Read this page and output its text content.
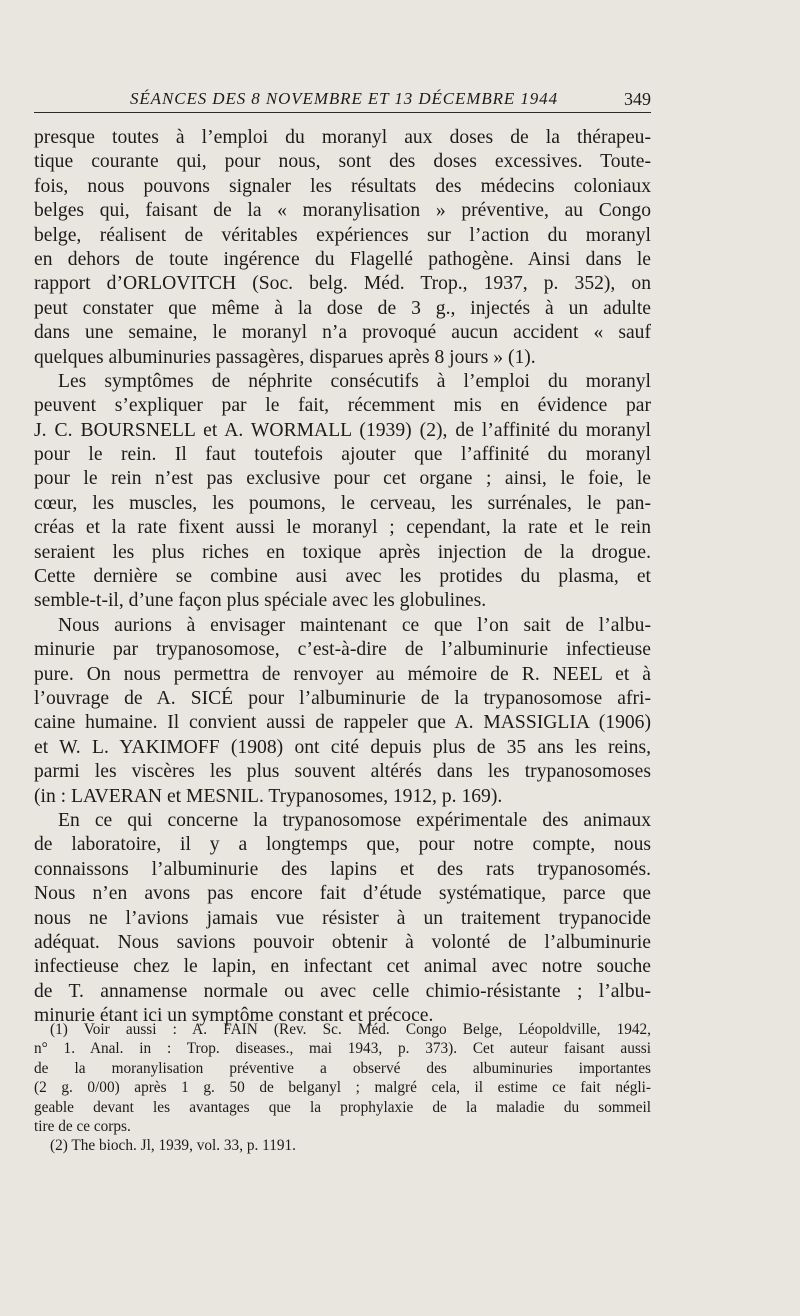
SÉANCES DES 8 NOVEMBRE ET 13 DÉCEMBRE 1944	349
presque toutes à l’emploi du moranyl aux doses de la thérapeu-
tique courante qui, pour nous, sont des doses excessives. Toute-
fois, nous pouvons signaler les résultats des médecins coloniaux
belges qui, faisant de la « moranylisation » préventive, au Congo
belge, réalisent de véritables expériences sur l’action du moranyl
en dehors de toute ingérence du Flagellé pathogène. Ainsi dans le
rapport d’ORLOVITCH (Soc. belg. Méd. Trop., 1937, p. 352), on
peut constater que même à la dose de 3 g., injectés à un adulte
dans une semaine, le moranyl n’a provoqué aucun accident « sauf
quelques albuminuries passagères, disparues après 8 jours » (1).
Les symptômes de néphrite consécutifs à l’emploi du moranyl
peuvent s’expliquer par le fait, récemment mis en évidence par
J. C. BOURSNELL et A. WORMALL (1939) (2), de l’affinité du moranyl
pour le rein. Il faut toutefois ajouter que l’affinité du moranyl
pour le rein n’est pas exclusive pour cet organe ; ainsi, le foie, le
cœur, les muscles, les poumons, le cerveau, les surrénales, le pan-
créas et la rate fixent aussi le moranyl ; cependant, la rate et le rein
seraient les plus riches en toxique après injection de la drogue.
Cette dernière se combine ausi avec les protides du plasma, et
semble-t-il, d’une façon plus spéciale avec les globulines.
Nous aurions à envisager maintenant ce que l’on sait de l’albu-
minurie par trypanosomose, c’est-à-dire de l’albuminurie infectieuse
pure. On nous permettra de renvoyer au mémoire de R. NEEL et à
l’ouvrage de A. SICÉ pour l’albuminurie de la trypanosomose afri-
caine humaine. Il convient aussi de rappeler que A. MASSIGLIA (1906)
et W. L. YAKIMOFF (1908) ont cité depuis plus de 35 ans les reins,
parmi les viscères les plus souvent altérés dans les trypanosomoses
(in : LAVERAN et MESNIL. Trypanosomes, 1912, p. 169).
En ce qui concerne la trypanosomose expérimentale des animaux
de laboratoire, il y a longtemps que, pour notre compte, nous
connaissons l’albuminurie des lapins et des rats trypanosomés.
Nous n’en avons pas encore fait d’étude systématique, parce que
nous ne l’avions jamais vue résister à un traitement trypanocide
adéquat. Nous savions pouvoir obtenir à volonté de l’albuminurie
infectieuse chez le lapin, en infectant cet animal avec notre souche
de T. annamense normale ou avec celle chimio-résistante ; l’albu-
minurie étant ici un symptôme constant et précoce.
(1) Voir aussi : A. FAIN (Rev. Sc. Méd. Congo Belge, Léopoldville, 1942,
n° 1. Anal. in : Trop. diseases., mai 1943, p. 373). Cet auteur faisant aussi
de la moranylisation préventive a observé des albuminuries importantes
(2 g. 0/00) après 1 g. 50 de belganyl ; malgré cela, il estime ce fait négli-
geable devant les avantages que la prophylaxie de la maladie du sommeil
tire de ce corps.
(2) The bioch. Jl, 1939, vol. 33, p. 1191.
